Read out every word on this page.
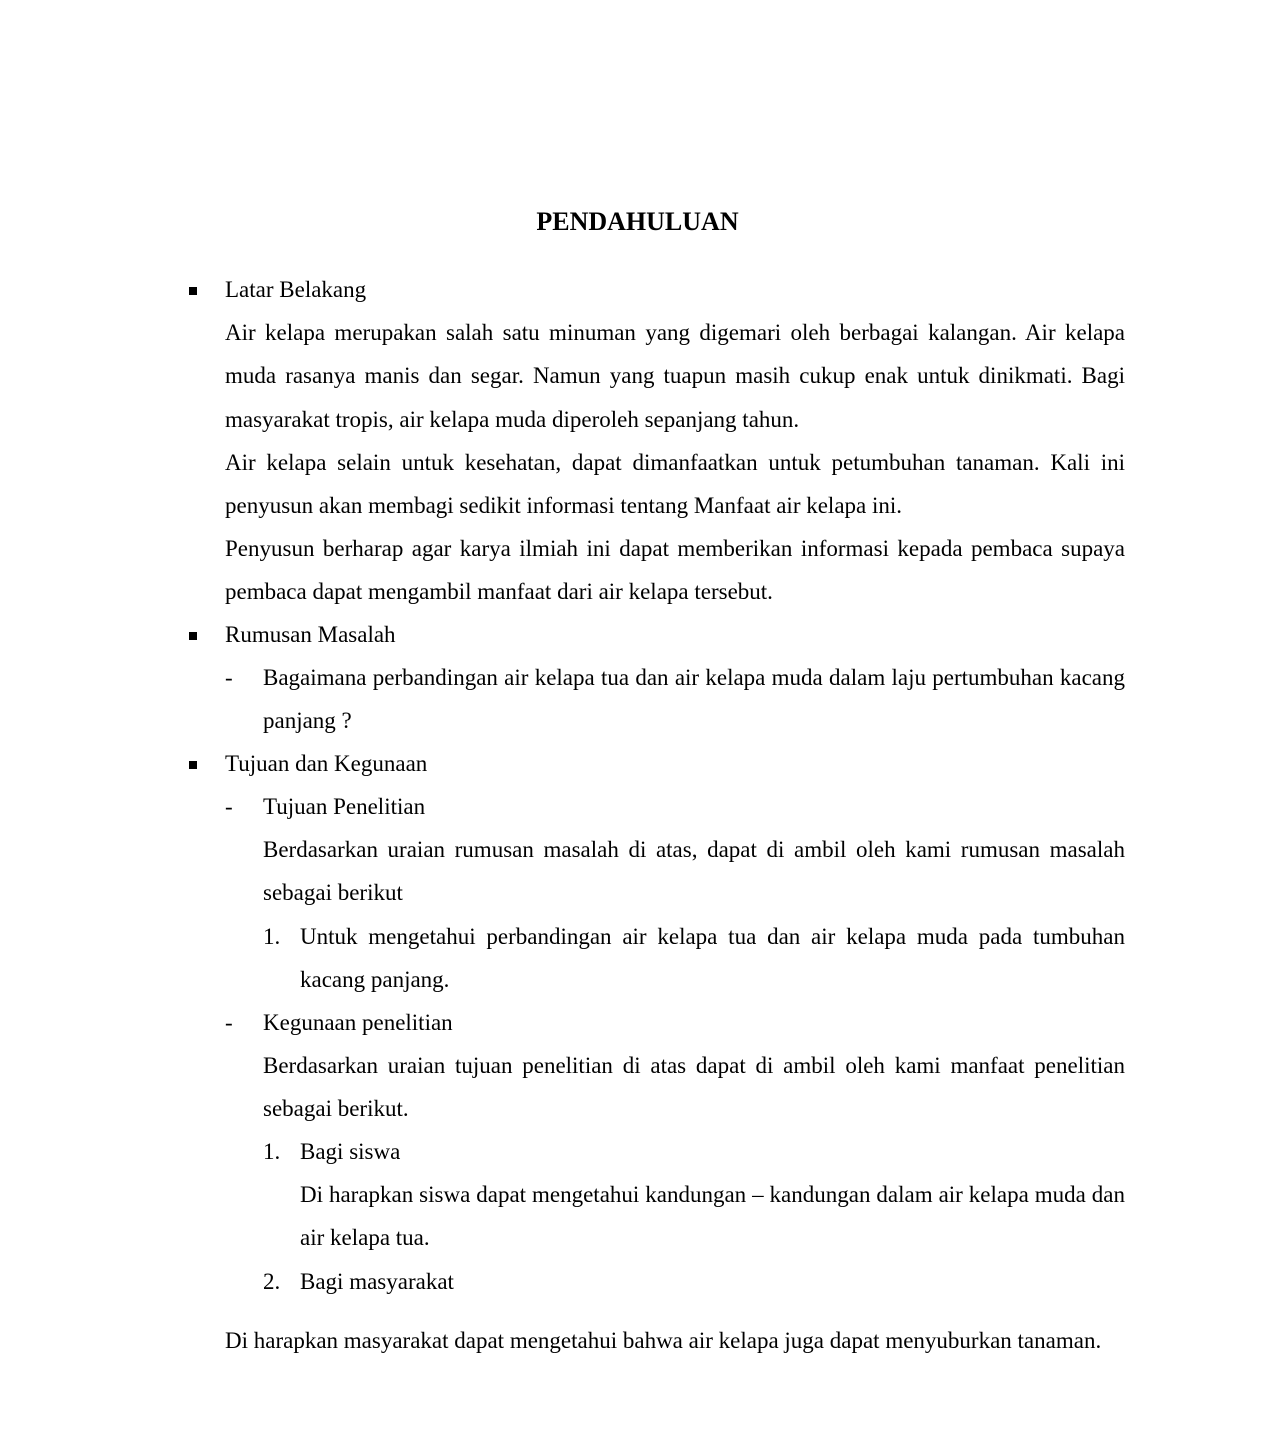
PENDAHULUAN
Latar Belakang
Air kelapa merupakan salah satu minuman yang digemari oleh berbagai kalangan. Air kelapa muda rasanya manis dan segar. Namun yang tuapun masih cukup enak untuk dinikmati. Bagi masyarakat tropis, air kelapa muda diperoleh sepanjang tahun.
Air kelapa selain untuk kesehatan, dapat dimanfaatkan untuk petumbuhan tanaman. Kali ini penyusun akan membagi sedikit informasi tentang Manfaat air kelapa ini.
Penyusun berharap agar karya ilmiah ini dapat memberikan informasi kepada pembaca supaya pembaca dapat mengambil manfaat dari air kelapa tersebut.
Rumusan Masalah
- Bagaimana perbandingan air kelapa tua dan air kelapa muda dalam laju pertumbuhan kacang panjang ?
Tujuan dan Kegunaan
- Tujuan Penelitian
Berdasarkan uraian rumusan masalah di atas, dapat di ambil oleh kami rumusan masalah sebagai berikut
1. Untuk mengetahui perbandingan air kelapa tua dan air kelapa muda pada tumbuhan kacang panjang.
- Kegunaan penelitian
Berdasarkan uraian tujuan penelitian di atas dapat di ambil oleh kami manfaat penelitian sebagai berikut.
1. Bagi siswa
Di harapkan siswa dapat mengetahui kandungan – kandungan dalam air kelapa muda dan air kelapa tua.
2. Bagi masyarakat
Di harapkan masyarakat dapat mengetahui bahwa air kelapa juga dapat menyuburkan tanaman.
